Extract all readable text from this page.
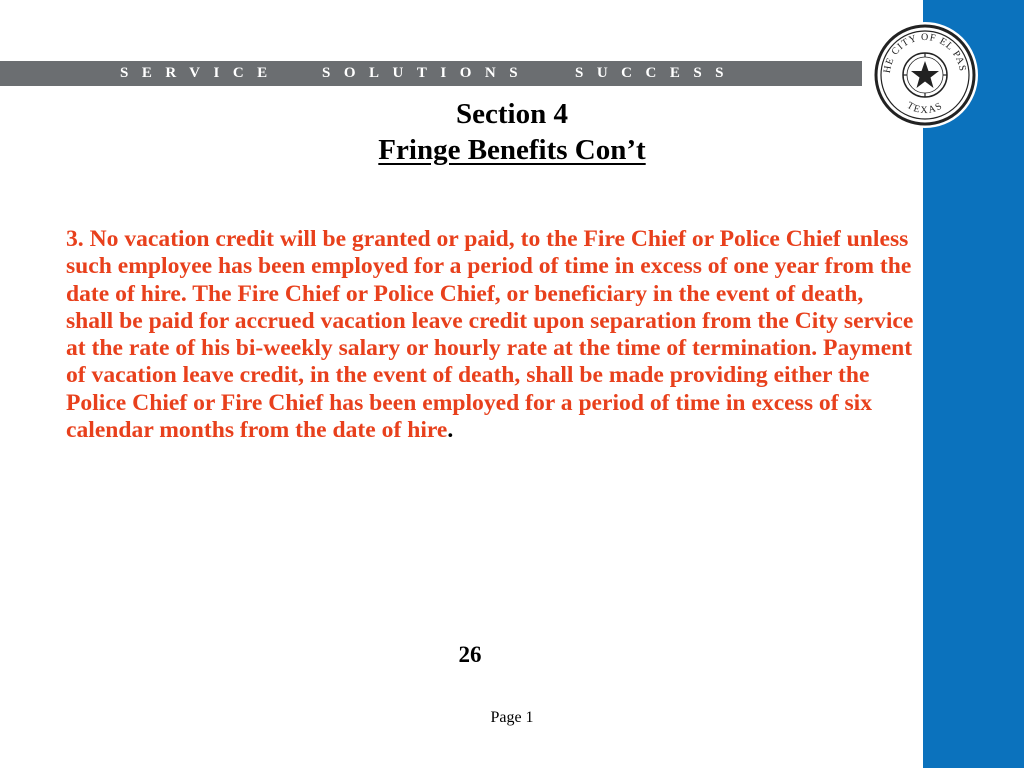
SERVICE	SOLUTIONS	SUCCESS	HE CITY OF EL PAS
TEXAS
Section 4
Fringe Benefits Con’t

3. No vacation credit will be granted or paid, to the Fire Chief or Police Chief unless such employee has been employed for a period of time in excess of one year from the date of hire. The Fire Chief or Police Chief, or beneficiary in the event of death, shall be paid for accrued vacation leave credit upon separation from the City service at the rate of his bi-weekly salary or hourly rate at the time of termination. Payment of vacation leave credit, in the event of death, shall be made providing either the Police Chief or Fire Chief has been employed for a period of time in excess of six calendar months from the date of hire.

26
Page 1
